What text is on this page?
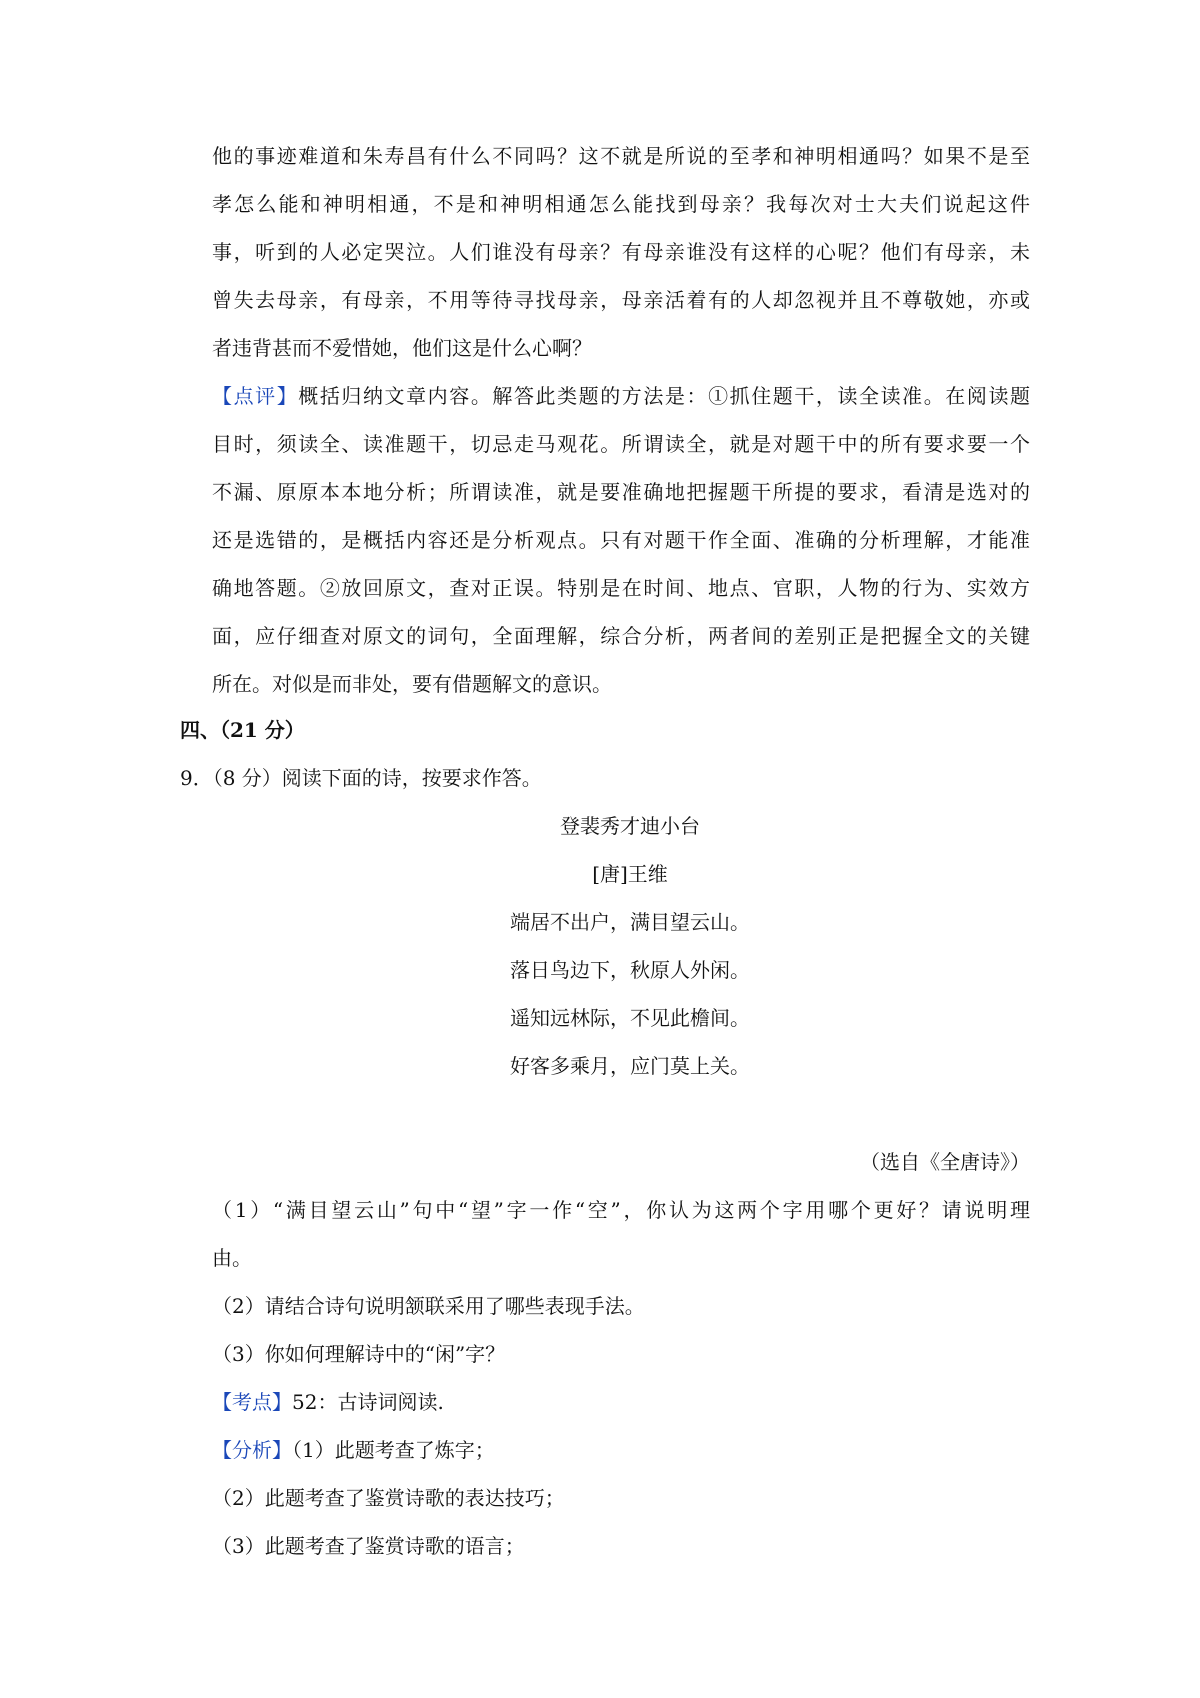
他的事迹难道和朱寿昌有什么不同吗？这不就是所说的至孝和神明相通吗？如果不是至
孝怎么能和神明相通，不是和神明相通怎么能找到母亲？我每次对士大夫们说起这件
事，听到的人必定哭泣。人们谁没有母亲？有母亲谁没有这样的心呢？他们有母亲，未
曾失去母亲，有母亲，不用等待寻找母亲，母亲活着有的人却忽视并且不尊敬她，亦或
者违背甚而不爱惜她，他们这是什么心啊？
【点评】概括归纳文章内容。解答此类题的方法是：①抓住题干，读全读准。在阅读题
目时，须读全、读准题干，切忌走马观花。所谓读全，就是对题干中的所有要求要一个
不漏、原原本本地分析；所谓读准，就是要准确地把握题干所提的要求，看清是选对的
还是选错的，是概括内容还是分析观点。只有对题干作全面、准确的分析理解，才能准
确地答题。②放回原文，查对正误。特别是在时间、地点、官职，人物的行为、实效方
面，应仔细查对原文的词句，全面理解，综合分析，两者间的差别正是把握全文的关键
所在。对似是而非处，要有借题解文的意识。
四、（21 分）
9．（8 分）阅读下面的诗，按要求作答。
登裴秀才迪小台
[唐]王维
端居不出户，满目望云山。
落日鸟边下，秋原人外闲。
遥知远林际，不见此檐间。
好客多乘月，应门莫上关。
（选自《全唐诗》）
（1）“满目望云山”句中“望”字一作“空”，你认为这两个字用哪个更好？请说明理
由。
（2）请结合诗句说明颔联采用了哪些表现手法。
（3）你如何理解诗中的“闲”字？
【考点】52：古诗词阅读.
【分析】（1）此题考查了炼字；
（2）此题考查了鉴赏诗歌的表达技巧；
（3）此题考查了鉴赏诗歌的语言；
